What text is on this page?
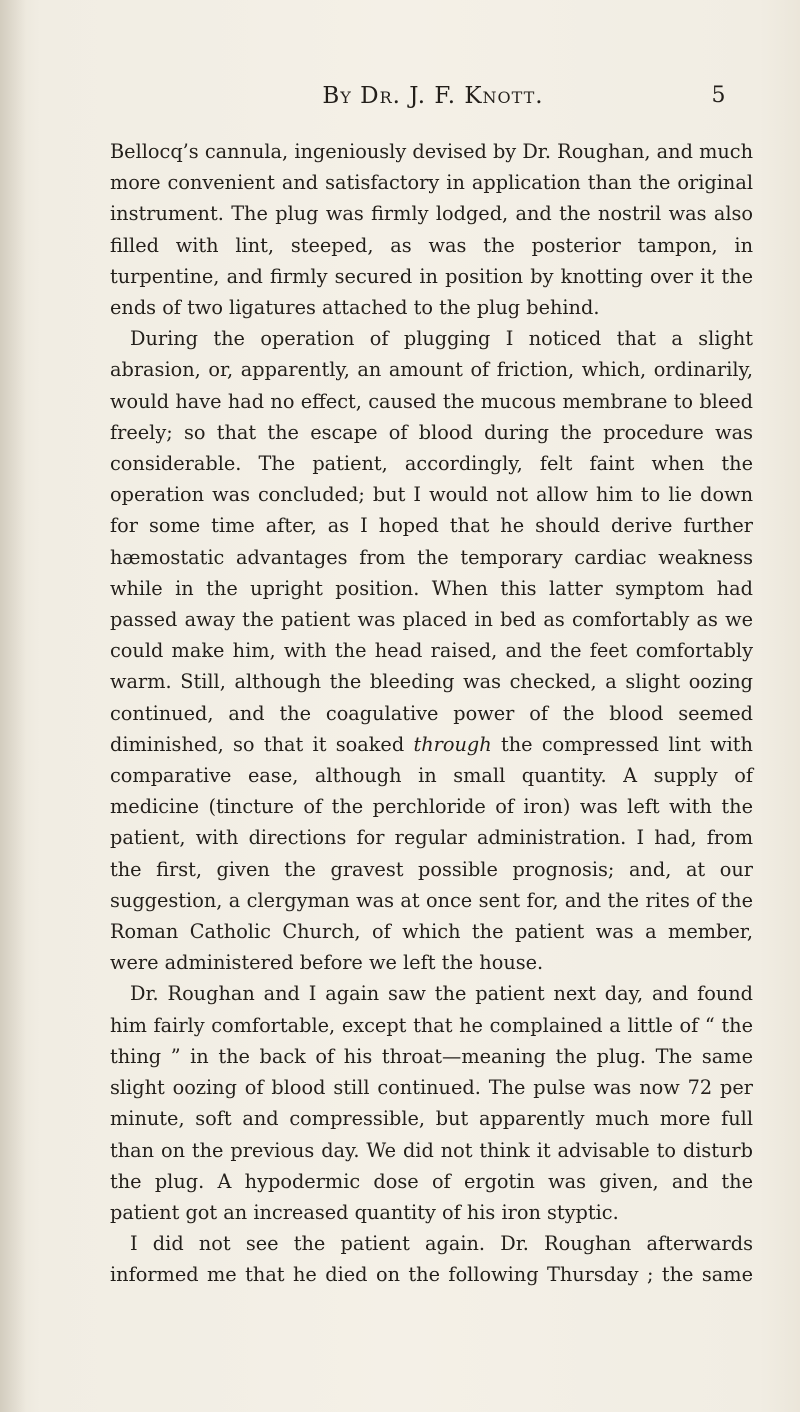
By Dr. J. F. Knott.	5

Bellocq’s cannula, ingeniously devised by Dr. Roughan, and much more convenient and satisfactory in application than the original instrument. The plug was firmly lodged, and the nostril was also filled with lint, steeped, as was the posterior tampon, in turpentine, and firmly secured in position by knotting over it the ends of two ligatures attached to the plug behind.

During the operation of plugging I noticed that a slight abrasion, or, apparently, an amount of friction, which, ordinarily, would have had no effect, caused the mucous membrane to bleed freely; so that the escape of blood during the procedure was considerable. The patient, accordingly, felt faint when the operation was concluded; but I would not allow him to lie down for some time after, as I hoped that he should derive further hæmostatic advantages from the temporary cardiac weakness while in the upright position. When this latter symptom had passed away the patient was placed in bed as comfortably as we could make him, with the head raised, and the feet comfortably warm. Still, although the bleeding was checked, a slight oozing continued, and the coagulative power of the blood seemed diminished, so that it soaked through the compressed lint with comparative ease, although in small quantity. A supply of medicine (tincture of the perchloride of iron) was left with the patient, with directions for regular administration. I had, from the first, given the gravest possible prognosis; and, at our suggestion, a clergyman was at once sent for, and the rites of the Roman Catholic Church, of which the patient was a member, were administered before we left the house.

Dr. Roughan and I again saw the patient next day, and found him fairly comfortable, except that he complained a little of “ the thing ” in the back of his throat—meaning the plug. The same slight oozing of blood still continued. The pulse was now 72 per minute, soft and compressible, but apparently much more full than on the previous day. We did not think it advisable to disturb the plug. A hypodermic dose of ergotin was given, and the patient got an increased quantity of his iron styptic.

I did not see the patient again. Dr. Roughan afterwards informed me that he died on the following Thursday ; the same
